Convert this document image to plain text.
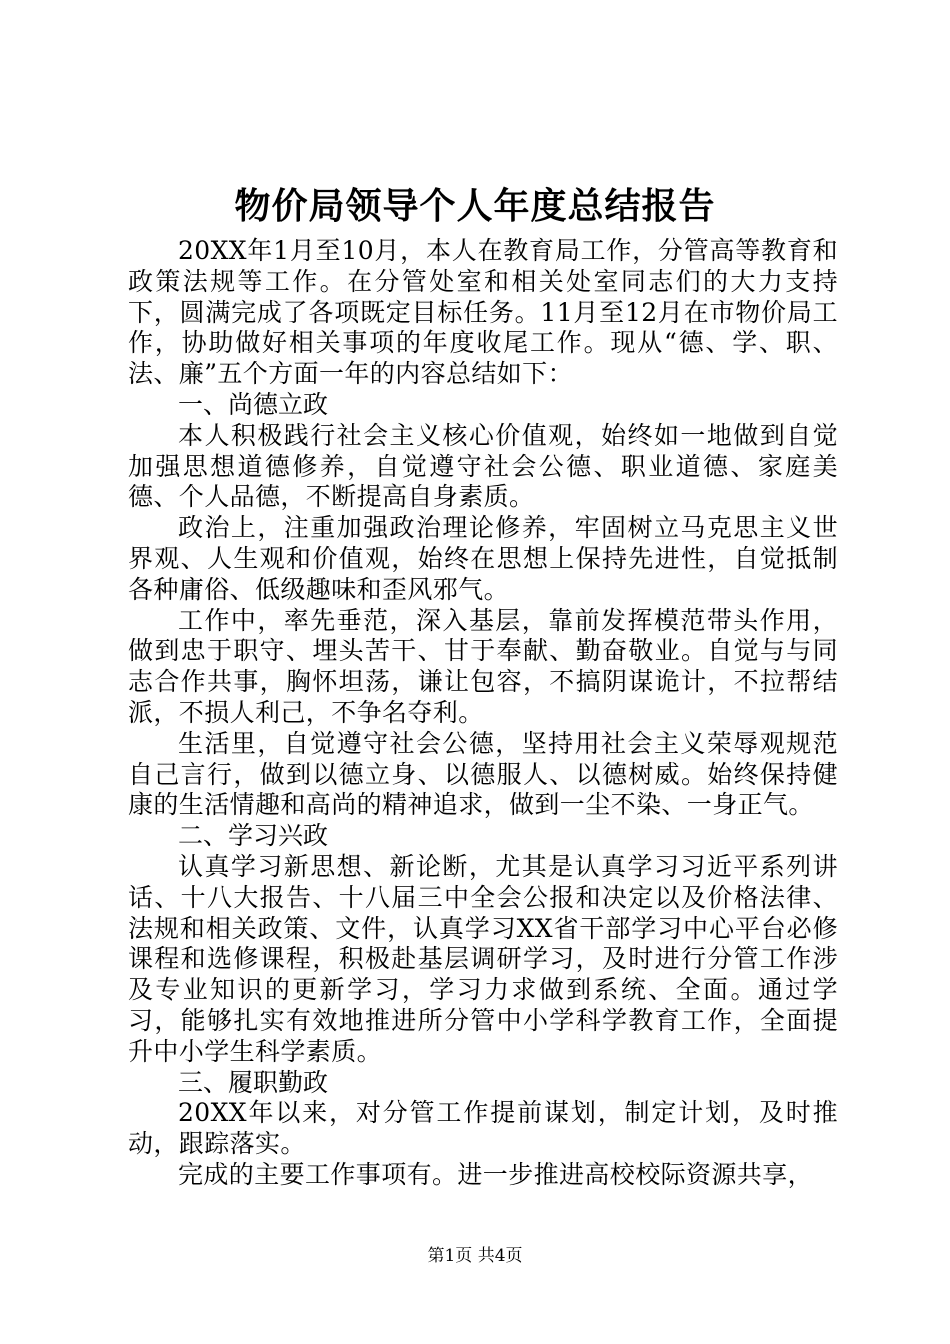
物价局领导个人年度总结报告

20XX年1月至10月，本人在教育局工作，分管高等教育和政策法规等工作。在分管处室和相关处室同志们的大力支持下，圆满完成了各项既定目标任务。11月至12月在市物价局工作，协助做好相关事项的年度收尾工作。现从“德、学、职、法、廉”五个方面一年的内容总结如下：

一、尚德立政

本人积极践行社会主义核心价值观，始终如一地做到自觉加强思想道德修养，自觉遵守社会公德、职业道德、家庭美德、个人品德，不断提高自身素质。

政治上，注重加强政治理论修养，牢固树立马克思主义世界观、人生观和价值观，始终在思想上保持先进性，自觉抵制各种庸俗、低级趣味和歪风邪气。

工作中，率先垂范，深入基层，靠前发挥模范带头作用，做到忠于职守、埋头苦干、甘于奉献、勤奋敬业。自觉与与同志合作共事，胸怀坦荡，谦让包容，不搞阴谋诡计，不拉帮结派，不损人利己，不争名夺利。

生活里，自觉遵守社会公德，坚持用社会主义荣辱观规范自己言行，做到以德立身、以德服人、以德树威。始终保持健康的生活情趣和高尚的精神追求，做到一尘不染、一身正气。

二、学习兴政

认真学习新思想、新论断，尤其是认真学习习近平系列讲话、十八大报告、十八届三中全会公报和决定以及价格法律、法规和相关政策、文件，认真学习XX省干部学习中心平台必修课程和选修课程，积极赴基层调研学习，及时进行分管工作涉及专业知识的更新学习，学习力求做到系统、全面。通过学习，能够扎实有效地推进所分管中小学科学教育工作，全面提升中小学生科学素质。

三、履职勤政

20XX年以来，对分管工作提前谋划，制定计划，及时推动，跟踪落实。

完成的主要工作事项有。进一步推进高校校际资源共享，

第1页 共4页
